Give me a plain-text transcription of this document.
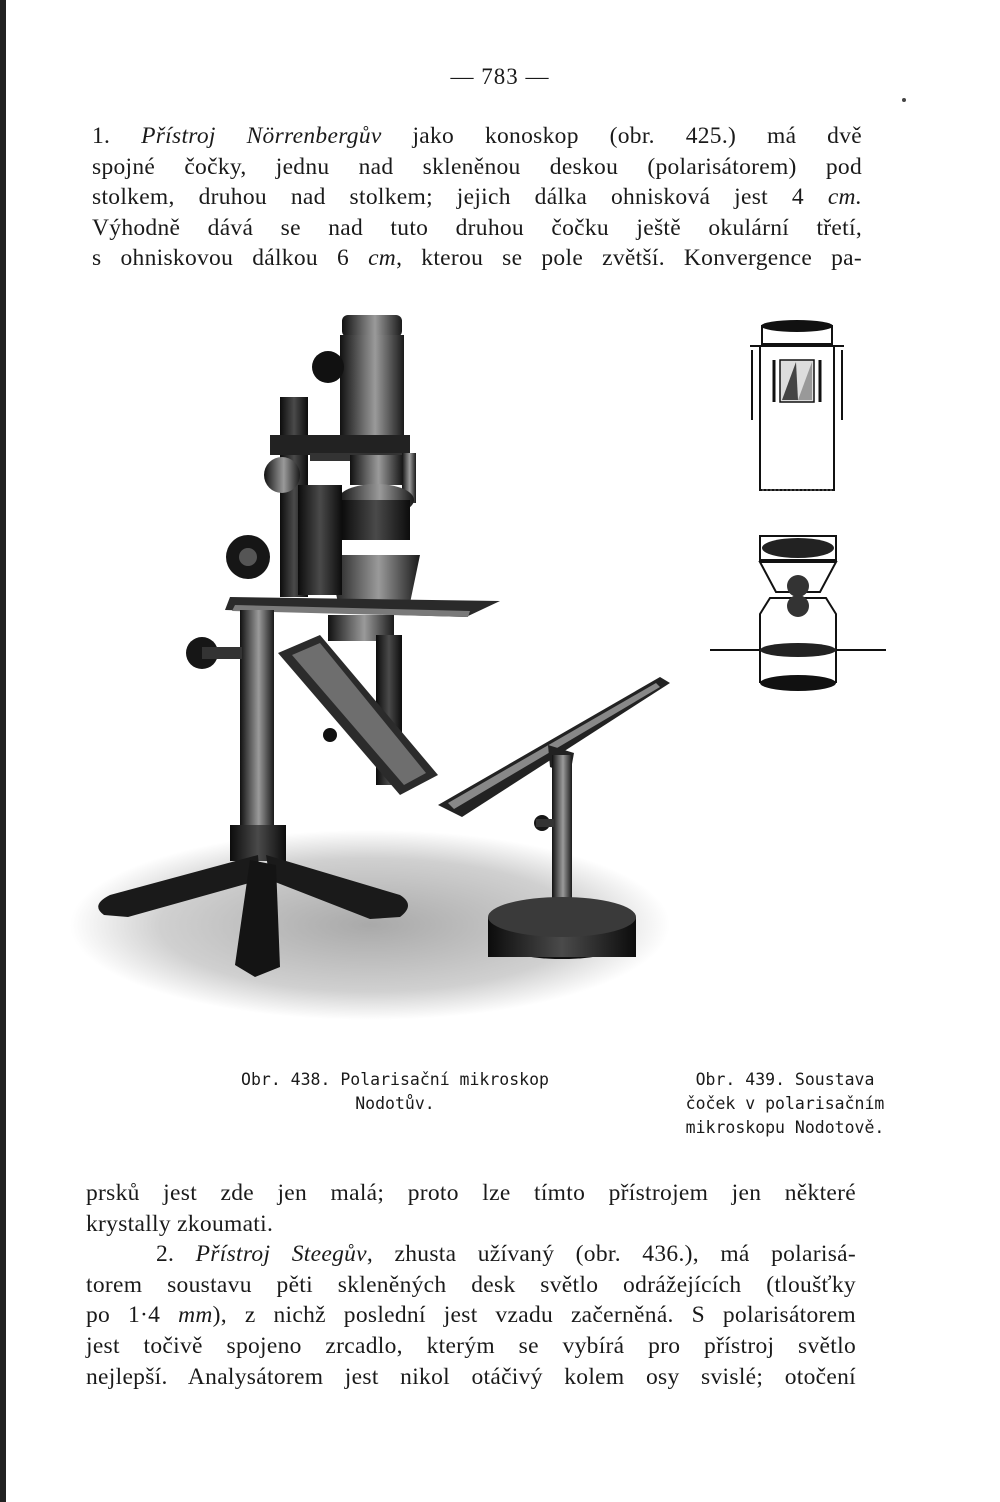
— 783 —
1. Přístroj Nörrenbergův jako konoskop (obr. 425.) má dvě
spojné čočky, jednu nad skleněnou deskou (polarisátorem) pod
stolkem, druhou nad stolkem; jejich dálka ohnisková jest 4 cm.
Výhodně dává se nad tuto druhou čočku ještě okulární třetí,
s ohniskovou dálkou 6 cm, kterou se pole zvětší. Konvergence pa-
Obr. 438. Polarisační mikroskop
Nodotův.
Obr. 439. Soustava
čoček v polarisačním
mikroskopu Nodotově.
prsků jest zde jen malá; proto lze tímto přístrojem jen některé
krystally zkoumati.
2. Přístroj Steegův, zhusta užívaný (obr. 436.), má polarisá-
torem soustavu pěti skleněných desk světlo odrážejících (tloušťky
po 1·4 mm), z nichž poslední jest vzadu začerněná. S polarisátorem
jest točivě spojeno zrcadlo, kterým se vybírá pro přístroj světlo
nejlepší. Analysátorem jest nikol otáčivý kolem osy svislé; otočení
